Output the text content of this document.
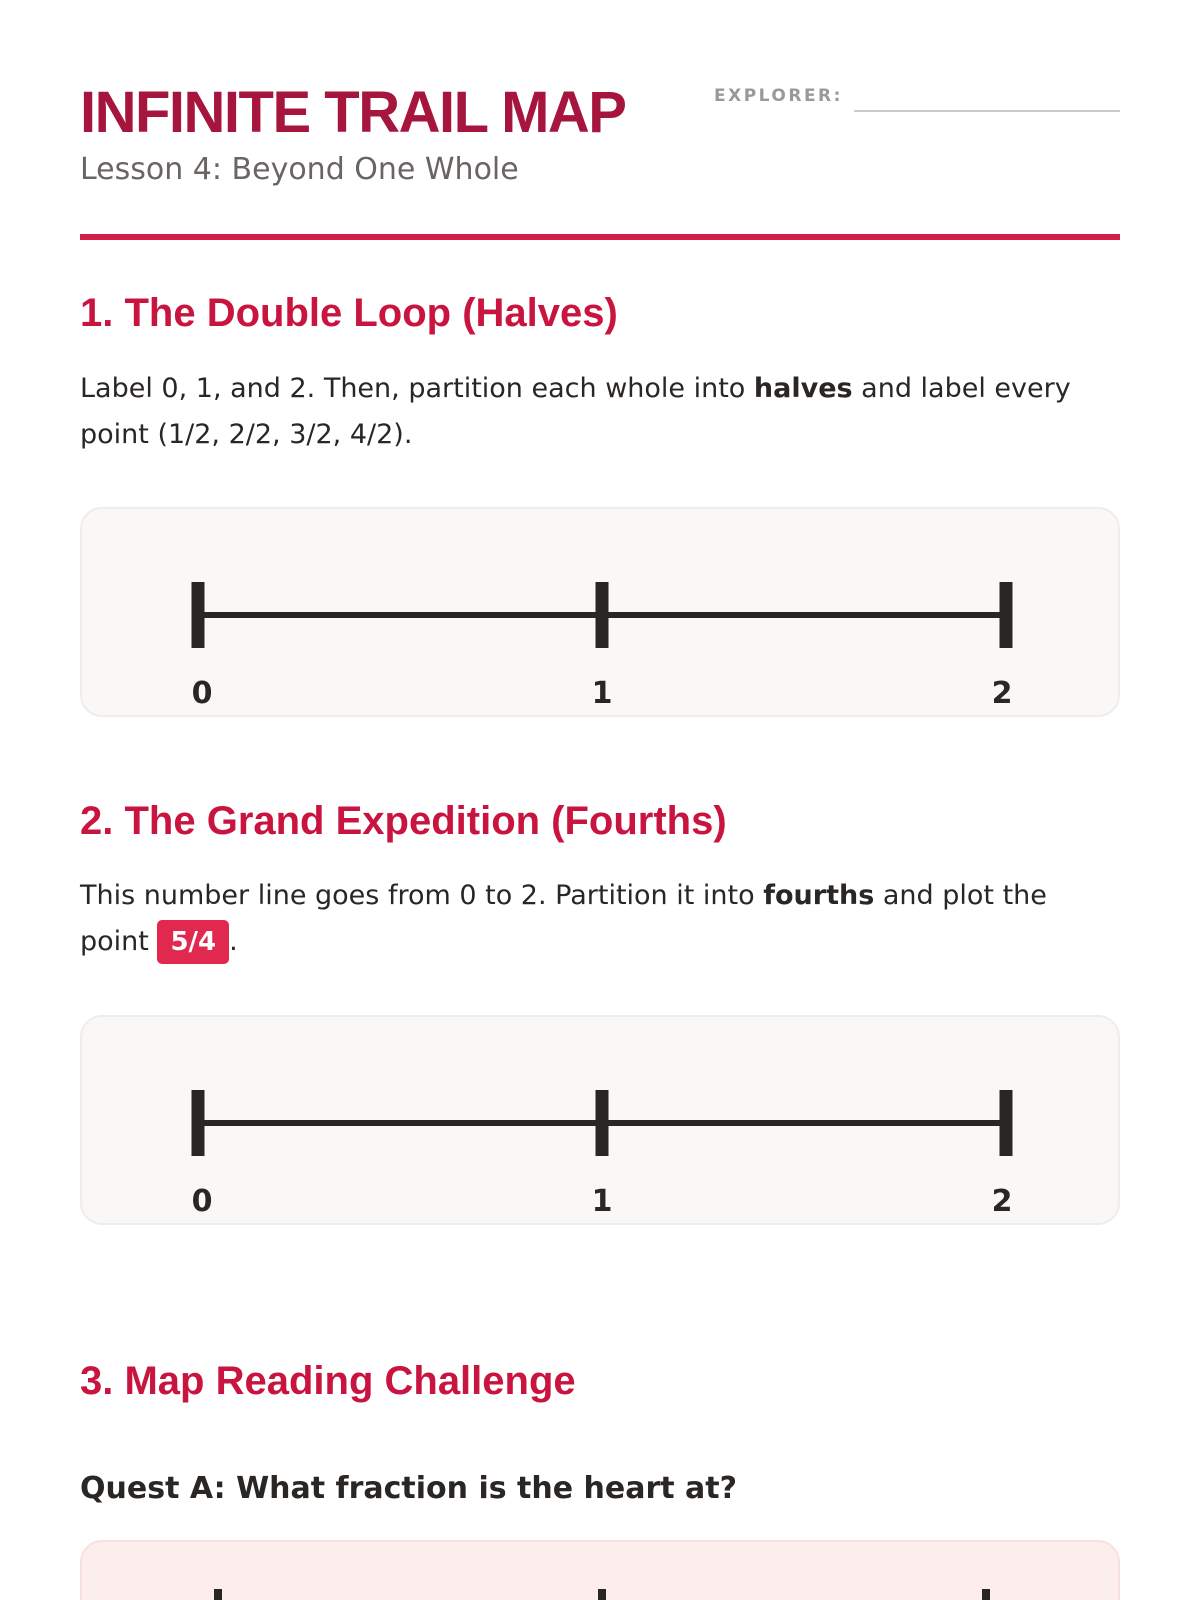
INFINITE TRAIL MAP
Lesson 4: Beyond One Whole
EXPLORER:
1. The Double Loop (Halves)
Label 0, 1, and 2. Then, partition each whole into halves and label every point (1/2, 2/2, 3/2, 4/2).
0	1	2
2. The Grand Expedition (Fourths)
This number line goes from 0 to 2. Partition it into fourths and plot the point 5/4 .
0	1	2
3. Map Reading Challenge
Quest A: What fraction is the heart at?
